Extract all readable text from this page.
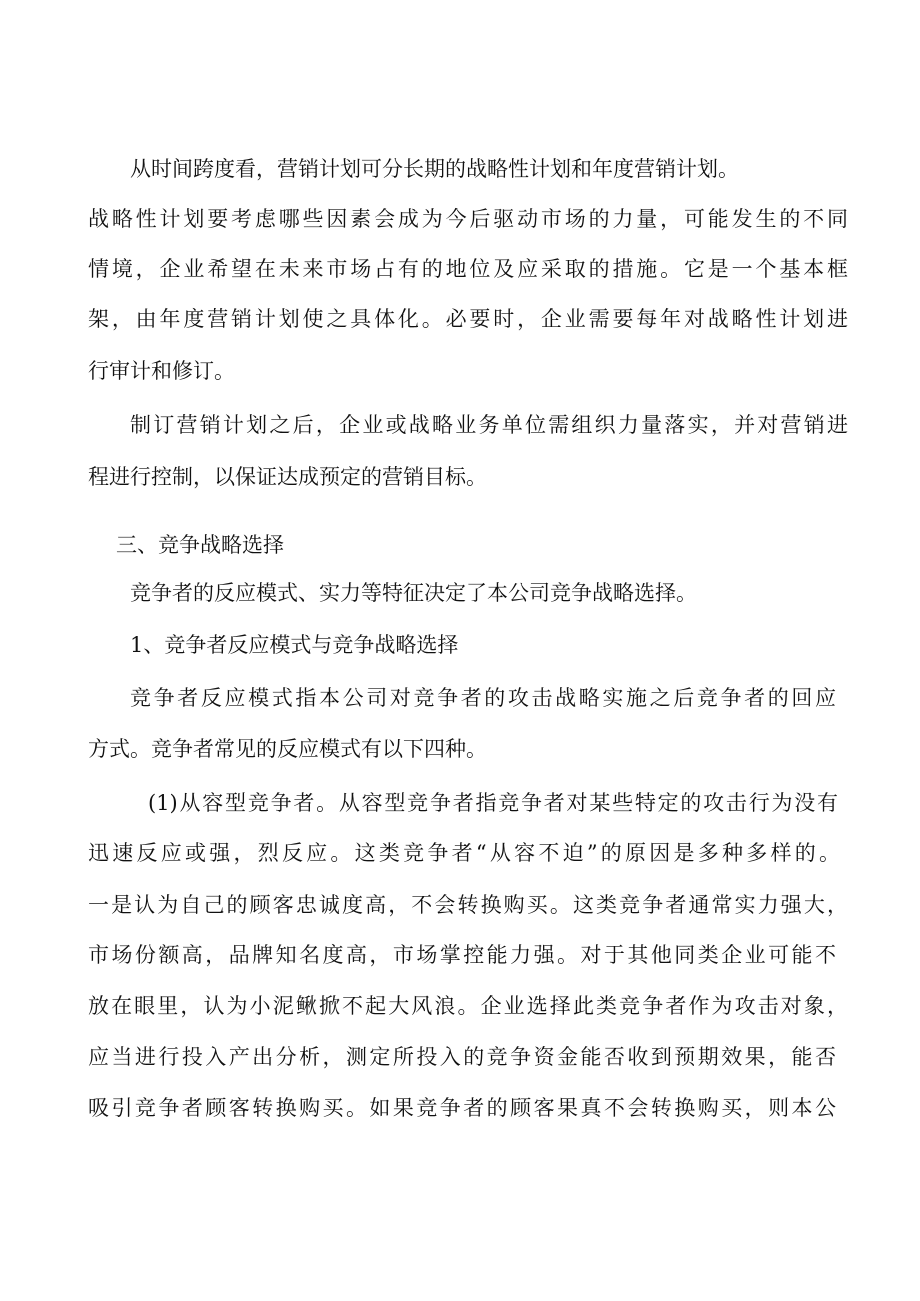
从时间跨度看，营销计划可分长期的战略性计划和年度营销计划。
战略性计划要考虑哪些因素会成为今后驱动市场的力量，可能发生的不同
情境，企业希望在未来市场占有的地位及应采取的措施。它是一个基本框
架，由年度营销计划使之具体化。必要时，企业需要每年对战略性计划进
行审计和修订。
制订营销计划之后，企业或战略业务单位需组织力量落实，并对营销进
程进行控制，以保证达成预定的营销目标。
三、竞争战略选择
竞争者的反应模式、实力等特征决定了本公司竞争战略选择。
1、竞争者反应模式与竞争战略选择
竞争者反应模式指本公司对竞争者的攻击战略实施之后竞争者的回应
方式。竞争者常见的反应模式有以下四种。
(1)从容型竞争者。从容型竞争者指竞争者对某些特定的攻击行为没有
迅速反应或强，烈反应。这类竞争者“从容不迫”的原因是多种多样的。
一是认为自己的顾客忠诚度高，不会转换购买。这类竞争者通常实力强大，
市场份额高，品牌知名度高，市场掌控能力强。对于其他同类企业可能不
放在眼里，认为小泥鳅掀不起大风浪。企业选择此类竞争者作为攻击对象，
应当进行投入产出分析，测定所投入的竞争资金能否收到预期效果，能否
吸引竞争者顾客转换购买。如果竞争者的顾客果真不会转换购买，则本公
